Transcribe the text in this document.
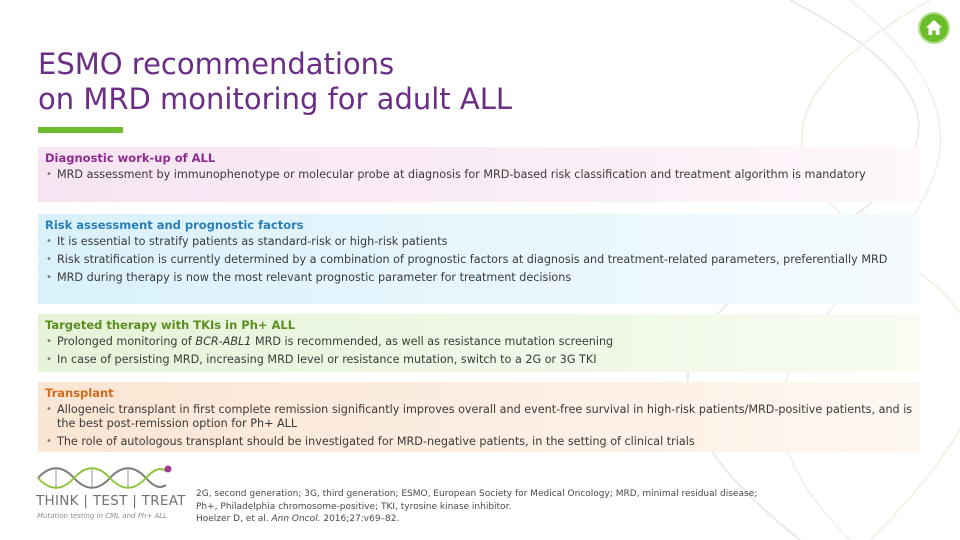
ESMO recommendations
on MRD monitoring for adult ALL
Diagnostic work-up of ALL
• MRD assessment by immunophenotype or molecular probe at diagnosis for MRD-based risk classification and treatment algorithm is mandatory
Risk assessment and prognostic factors
• It is essential to stratify patients as standard-risk or high-risk patients
• Risk stratification is currently determined by a combination of prognostic factors at diagnosis and treatment-related parameters, preferentially MRD
• MRD during therapy is now the most relevant prognostic parameter for treatment decisions
Targeted therapy with TKIs in Ph+ ALL
• Prolonged monitoring of BCR-ABL1 MRD is recommended, as well as resistance mutation screening
• In case of persisting MRD, increasing MRD level or resistance mutation, switch to a 2G or 3G TKI
Transplant
• Allogeneic transplant in first complete remission significantly improves overall and event-free survival in high-risk patients/MRD-positive patients, and is the best post-remission option for Ph+ ALL
• The role of autologous transplant should be investigated for MRD-negative patients, in the setting of clinical trials
THINK | TEST | TREAT
Mutation testing in CML and Ph+ ALL

2G, second generation; 3G, third generation; ESMO, European Society for Medical Oncology; MRD, minimal residual disease;

Ph+, Philadelphia chromosome-positive; TKI, tyrosine kinase inhibitor.

Hoelzer D, et al. Ann Oncol. 2016;27:v69–82.
